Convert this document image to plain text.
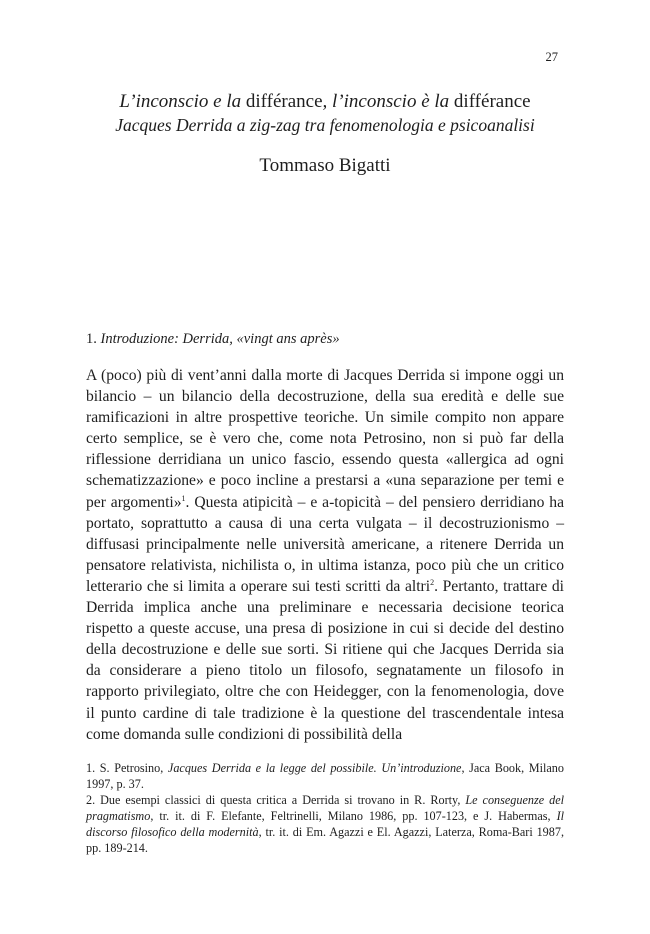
27
L’inconscio e la différance, l’inconscio è la différance

Jacques Derrida a zig-zag tra fenomenologia e psicoanalisi

Tommaso Bigatti
1. Introduzione: Derrida, «vingt ans après»

A (poco) più di vent’anni dalla morte di Jacques Derrida si impone oggi un bilancio – un bilancio della decostruzione, della sua eredità e delle sue ramificazioni in altre prospettive teoriche. Un simile compito non appare certo semplice, se è vero che, come nota Petrosino, non si può far della riflessione derridiana un unico fascio, essendo questa «allergica ad ogni schematizzazione» e poco incline a prestarsi a «una separazione per temi e per argomenti»$^1$. Questa atipicità – e a-topicità – del pensiero derridiano ha portato, soprattutto a causa di una certa vulgata – il decostruzionismo – diffusasi principalmente nelle università americane, a ritenere Derrida un pensatore relativista, nichilista o, in ultima istanza, poco più che un critico letterario che si limita a operare sui testi scritti da altri$^2$. Pertanto, trattare di Derrida implica anche una preliminare e necessaria decisione teorica rispetto a queste accuse, una presa di posizione in cui si decide del destino della decostruzione e delle sue sorti. Si ritiene qui che Jacques Derrida sia da considerare a pieno titolo un filosofo, segnatamente un filosofo in rapporto privilegiato, oltre che con Heidegger, con la fenomenologia, dove il punto cardine di tale tradizione è la questione del trascendentale intesa come domanda sulle condizioni di possibilità della

1. S. Petrosino, Jacques Derrida e la legge del possibile. Un’introduzione, Jaca Book, Milano 1997, p. 37.

2. Due esempi classici di questa critica a Derrida si trovano in R. Rorty, Le conseguenze del pragmatismo, tr. it. di F. Elefante, Feltrinelli, Milano 1986, pp. 107-123, e J. Habermas, Il discorso filosofico della modernità, tr. it. di Em. Agazzi e El. Agazzi, Laterza, Roma-Bari 1987, pp. 189-214.
